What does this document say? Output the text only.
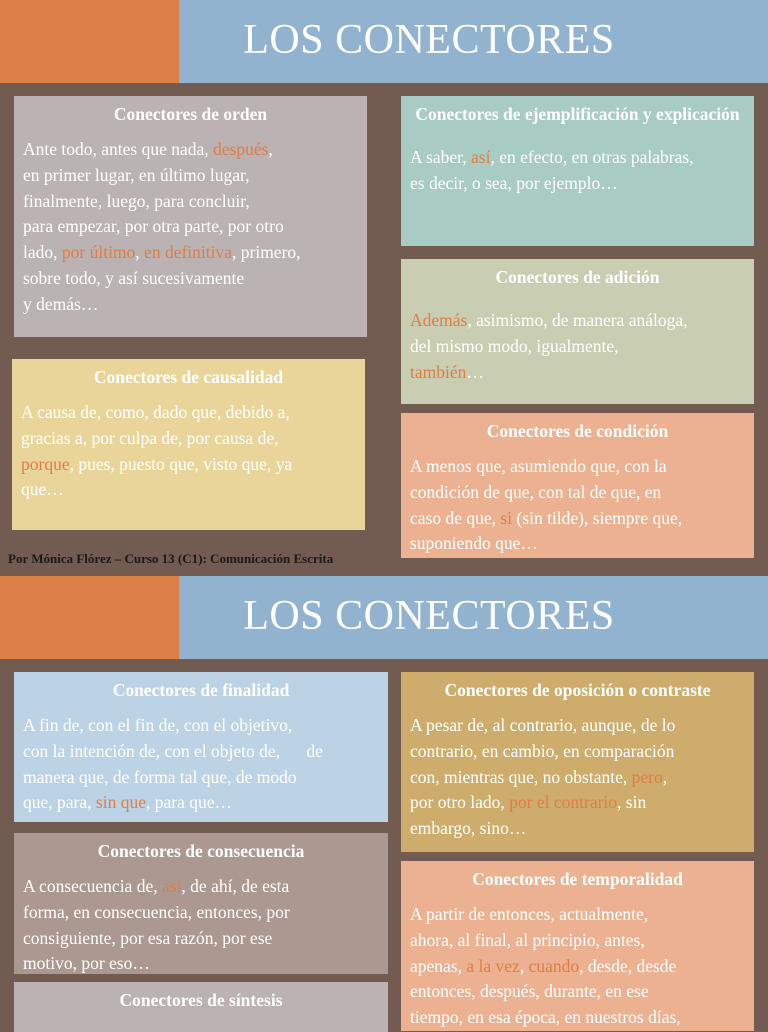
LOS CONECTORES
Conectores de orden

Ante todo, antes que nada, después,
en primer lugar, en último lugar,
finalmente, luego, para concluir,
para empezar, por otra parte, por otro
lado, por último, en definitiva, primero,
sobre todo, y así sucesivamente
y demás…

Conectores de causalidad

A causa de, como, dado que, debido a,
gracias a, por culpa de, por causa de,
porque, pues, puesto que, visto que, ya
que…

Conectores de ejemplificación y explicación

A saber, así, en efecto, en otras palabras,
es decir, o sea, por ejemplo…

Conectores de adición

Además, asimismo, de manera análoga,
del mismo modo, igualmente,
también…

Conectores de condición

A menos que, asumiendo que, con la
condición de que, con tal de que, en
caso de que, si (sin tilde), siempre que,
suponiendo que…

Por Mónica Flórez – Curso 13 (C1): Comunicación Escrita
LOS CONECTORES
Conectores de finalidad

A fin de, con el fin de, con el objetivo,
con la intención de, con el objeto de,      de
manera que, de forma tal que, de modo
que, para, sin que, para que…

Conectores de consecuencia

A consecuencia de, así, de ahí, de esta
forma, en consecuencia, entonces, por
consiguiente, por esa razón, por ese
motivo, por eso…

Conectores de síntesis

Conectores de oposición o contraste

A pesar de, al contrario, aunque, de lo
contrario, en cambio, en comparación
con, mientras que, no obstante, pero,
por otro lado, por el contrario, sin
embargo, sino…

Conectores de temporalidad

A partir de entonces, actualmente,
ahora, al final, al principio, antes,
apenas, a la vez, cuando, desde, desde
entonces, después, durante, en ese
tiempo, en esa época, en nuestros días,
